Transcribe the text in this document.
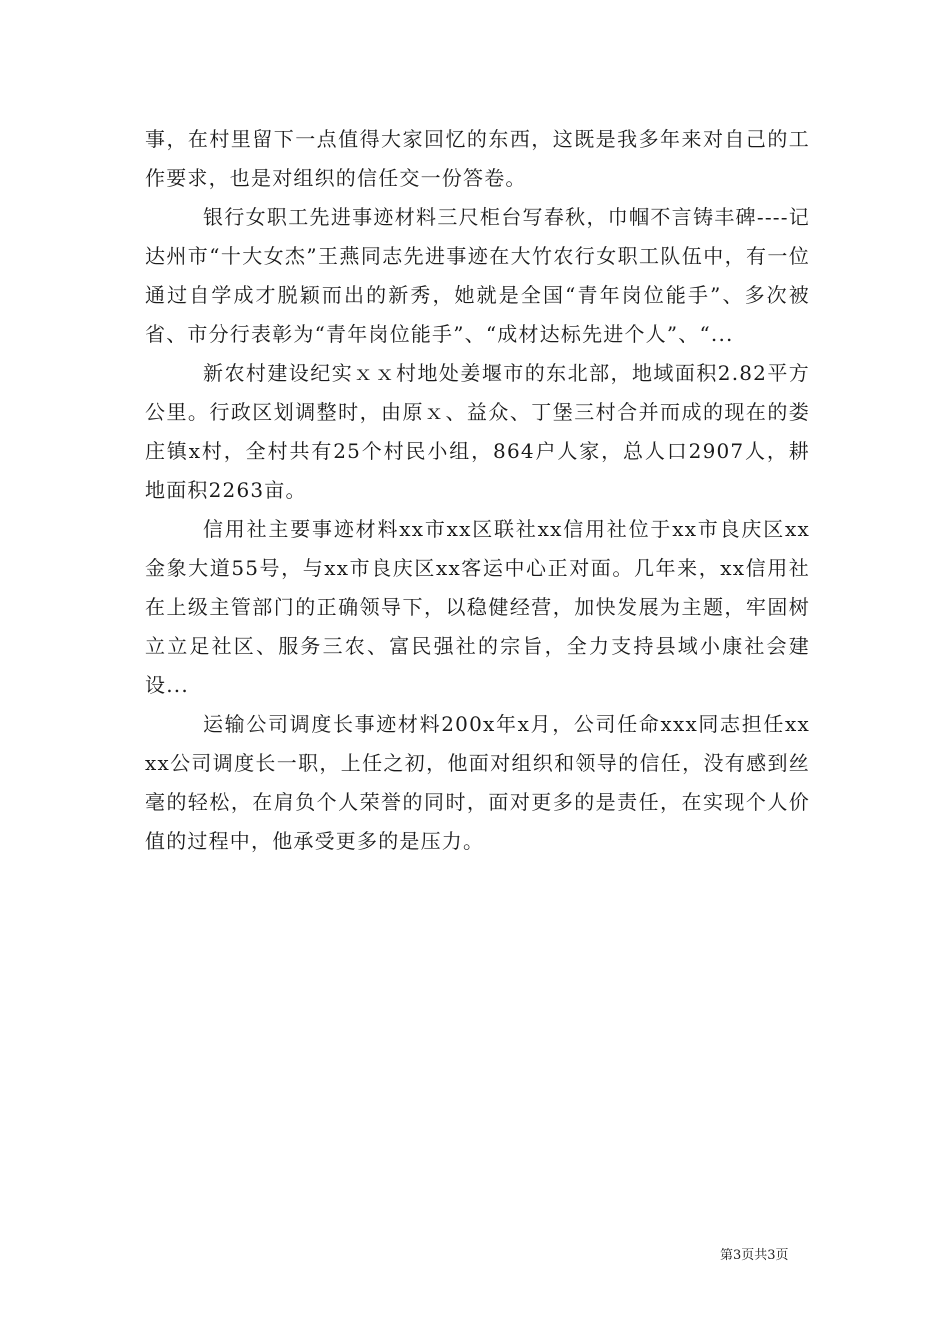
事，在村里留下一点值得大家回忆的东西，这既是我多年来对自己的工作要求，也是对组织的信任交一份答卷。

银行女职工先进事迹材料三尺柜台写春秋，巾帼不言铸丰碑----记达州市“十大女杰”王燕同志先进事迹在大竹农行女职工队伍中，有一位通过自学成才脱颖而出的新秀，她就是全国“青年岗位能手”、多次被省、市分行表彰为“青年岗位能手”、“成材达标先进个人”、“...

新农村建设纪实ｘｘ村地处姜堰市的东北部，地域面积2.82平方公里。行政区划调整时，由原ｘ、益众、丁堡三村合并而成的现在的娄庄镇x村，全村共有25个村民小组，864户人家，总人口2907人，耕地面积2263亩。

信用社主要事迹材料xx市xx区联社xx信用社位于xx市良庆区xx金象大道55号，与xx市良庆区xx客运中心正对面。几年来，xx信用社在上级主管部门的正确领导下，以稳健经营，加快发展为主题，牢固树立立足社区、服务三农、富民强社的宗旨，全力支持县域小康社会建设...

运输公司调度长事迹材料200x年x月，公司任命xxx同志担任xxxx公司调度长一职，上任之初，他面对组织和领导的信任，没有感到丝毫的轻松，在肩负个人荣誉的同时，面对更多的是责任，在实现个人价值的过程中，他承受更多的是压力。

第3页共3页
